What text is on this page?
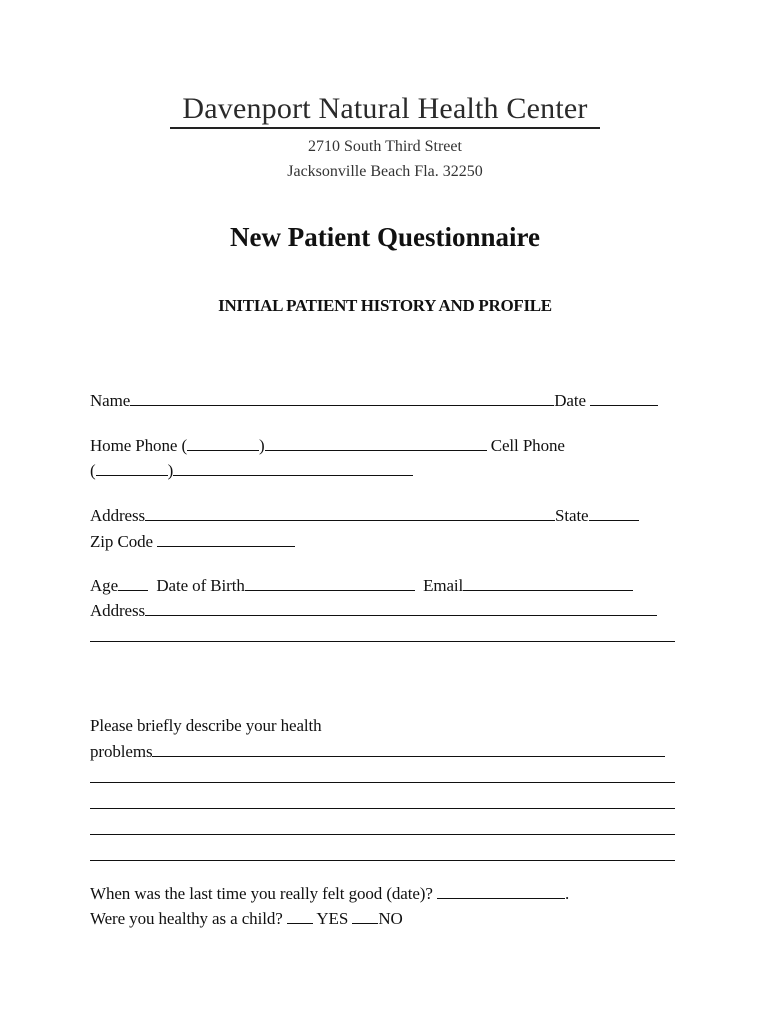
Davenport Natural Health Center
2710 South Third Street
Jacksonville Beach Fla. 32250
New Patient Questionnaire
INITIAL PATIENT HISTORY AND PROFILE
Name	Date
Home Phone (	)	Cell Phone
(	)
Address	State
Zip Code
Age Date of Birth	Email
Address
Please briefly describe your health
problems
When was the last time you really felt good (date)?	.
Were you healthy as a child? YES NO
